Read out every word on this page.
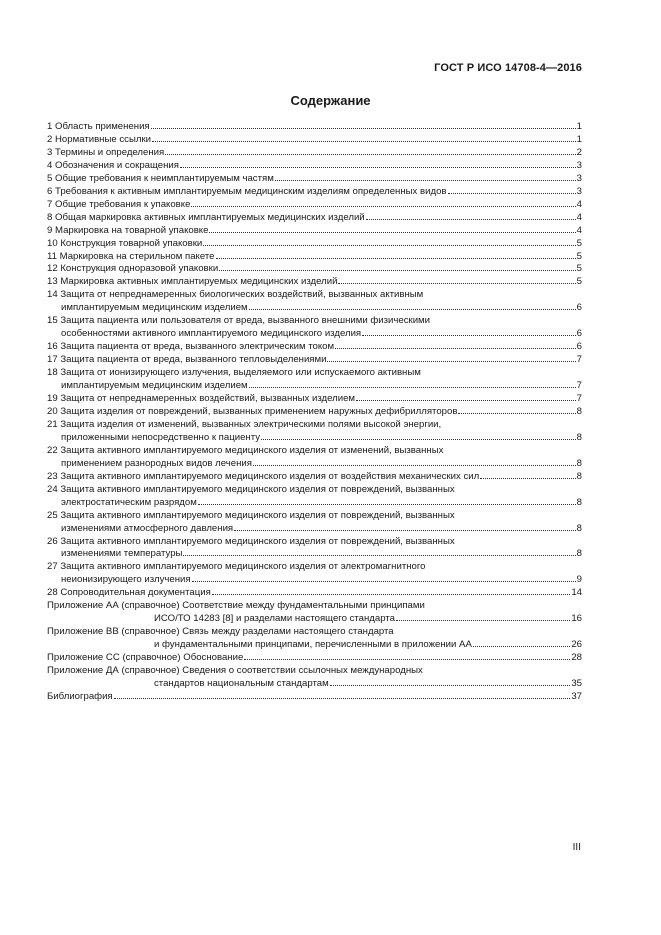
ГОСТ Р ИСО 14708-4—2016
Содержание
1 Область применения	1
2 Нормативные ссылки	1
3 Термины и определения	2
4 Обозначения и сокращения	3
5 Общие требования к неимплантируемым частям	3
6 Требования к активным имплантируемым медицинским изделиям определенных видов	3
7 Общие требования к упаковке	4
8 Общая маркировка активных имплантируемых медицинских изделий	4
9 Маркировка на товарной упаковке	4
10 Конструкция товарной упаковки	5
11 Маркировка на стерильном пакете	5
12 Конструкция одноразовой упаковки	5
13 Маркировка активных имплантируемых медицинских изделий	5
14 Защита от непреднамеренных биологических воздействий, вызванных активным
имплантируемым медицинским изделием	6
15 Защита пациента или пользователя от вреда, вызванного внешними физическими
особенностями активного имплантируемого медицинского изделия	6
16 Защита пациента от вреда, вызванного электрическим током	6
17 Защита пациента от вреда, вызванного тепловыделениями	7
18 Защита от ионизирующего излучения, выделяемого или испускаемого активным
имплантируемым медицинским изделием	7
19 Защита от непреднамеренных воздействий, вызванных изделием	7
20 Защита изделия от повреждений, вызванных применением наружных дефибрилляторов	8
21 Защита изделия от изменений, вызванных электрическими полями высокой энергии,
приложенными непосредственно к пациенту	8
22 Защита активного имплантируемого медицинского изделия от изменений, вызванных
применением разнородных видов лечения	8
23 Защита активного имплантируемого медицинского изделия от воздействия механических сил	8
24 Защита активного имплантируемого медицинского изделия от повреждений, вызванных
электростатическим разрядом	8
25 Защита активного имплантируемого медицинского изделия от повреждений, вызванных
изменениями атмосферного давления	8
26 Защита активного имплантируемого медицинского изделия от повреждений, вызванных
изменениями температуры	8
27 Защита активного имплантируемого медицинского изделия от электромагнитного
неионизирующего излучения	9
28 Сопроводительная документация	14
Приложение АА (справочное) Соответствие между фундаментальными принципами
ИСО/ТО 14283 [8] и разделами настоящего стандарта	16
Приложение ВВ (справочное) Связь между разделами настоящего стандарта
и фундаментальными принципами, перечисленными в приложении АА	26
Приложение СС (справочное) Обоснование	28
Приложение ДА (справочное) Сведения о соответствии ссылочных международных
стандартов национальным стандартам	35
Библиография	37
III
